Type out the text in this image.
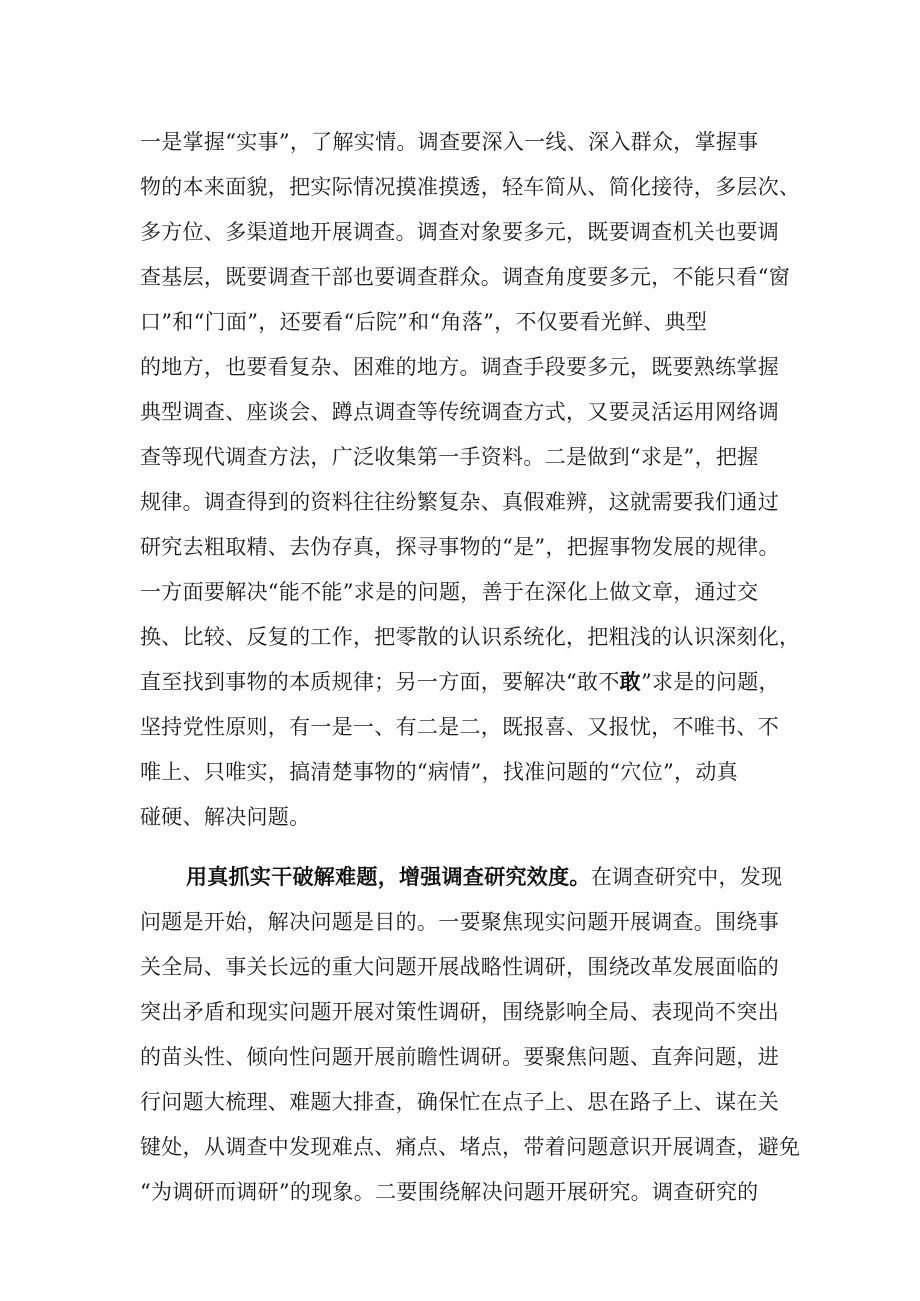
一是掌握“实事”，了解实情。调查要深入一线、深入群众，掌握事
物的本来面貌，把实际情况摸准摸透，轻车简从、简化接待，多层次、
多方位、多渠道地开展调查。调查对象要多元，既要调查机关也要调
查基层，既要调查干部也要调查群众。调查角度要多元，不能只看“窗
口”和“门面”，还要看“后院”和“角落”，不仅要看光鲜、典型
的地方，也要看复杂、困难的地方。调查手段要多元，既要熟练掌握
典型调查、座谈会、蹲点调查等传统调查方式，又要灵活运用网络调
查等现代调查方法，广泛收集第一手资料。二是做到“求是”，把握
规律。调查得到的资料往往纷繁复杂、真假难辨，这就需要我们通过
研究去粗取精、去伪存真，探寻事物的“是”，把握事物发展的规律。
一方面要解决“能不能”求是的问题，善于在深化上做文章，通过交
换、比较、反复的工作，把零散的认识系统化，把粗浅的认识深刻化，
直至找到事物的本质规律；另一方面，要解决“敢不敢”求是的问题，
坚持党性原则，有一是一、有二是二，既报喜、又报忧，不唯书、不
唯上、只唯实，搞清楚事物的“病情”，找准问题的“穴位”，动真
碰硬、解决问题。
用真抓实干破解难题，增强调查研究效度。在调查研究中，发现
问题是开始，解决问题是目的。一要聚焦现实问题开展调查。围绕事
关全局、事关长远的重大问题开展战略性调研，围绕改革发展面临的
突出矛盾和现实问题开展对策性调研，围绕影响全局、表现尚不突出
的苗头性、倾向性问题开展前瞻性调研。要聚焦问题、直奔问题，进
行问题大梳理、难题大排查，确保忙在点子上、思在路子上、谋在关
键处，从调查中发现难点、痛点、堵点，带着问题意识开展调查，避免
“为调研而调研”的现象。二要围绕解决问题开展研究。调查研究的
